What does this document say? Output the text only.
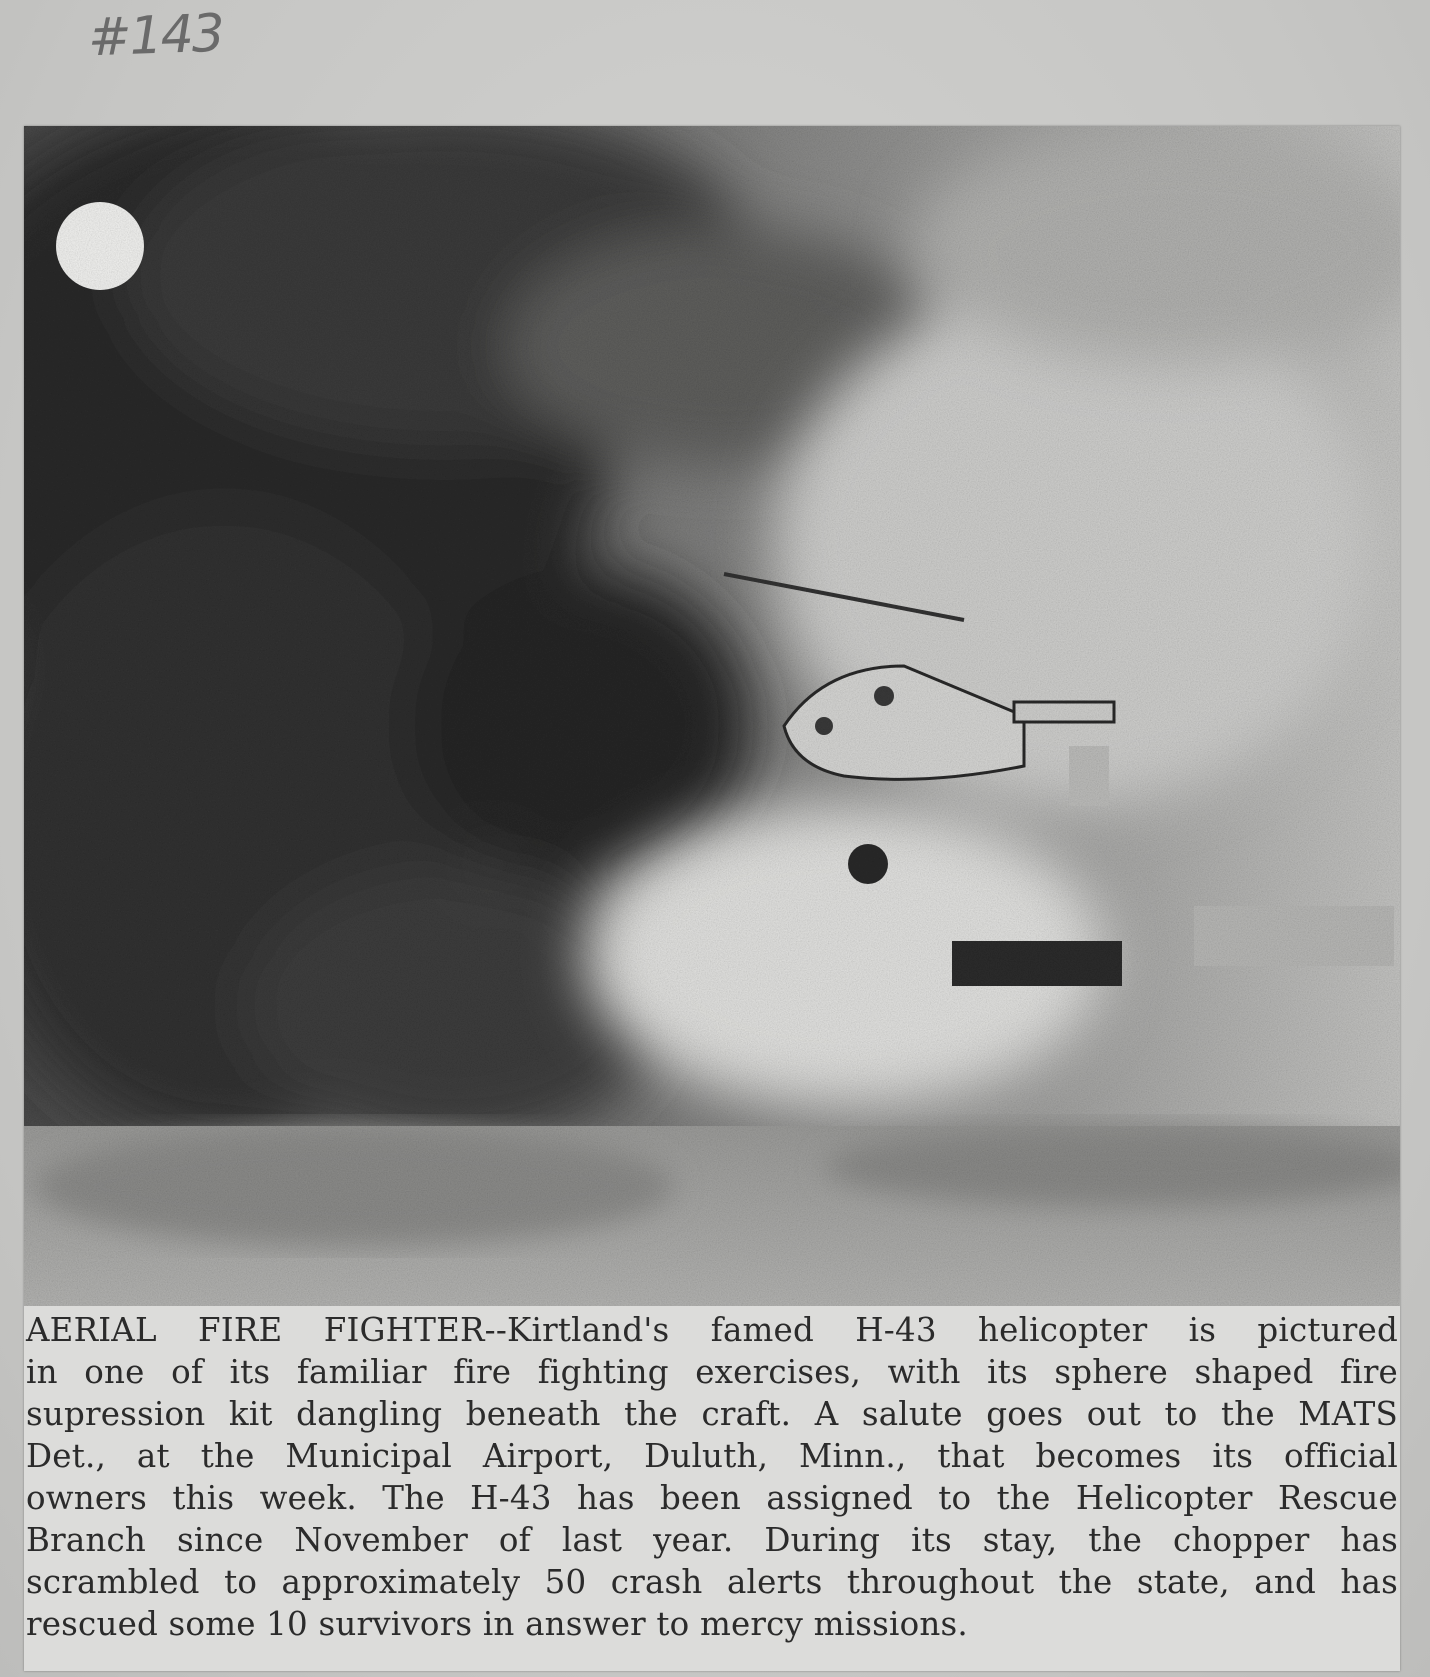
#143
AERIAL FIRE FIGHTER--Kirtland's famed H-43 helicopter is pictured
in one of its familiar fire fighting exercises, with its sphere shaped fire
supression kit dangling beneath the craft. A salute goes out to the MATS
Det., at the Municipal Airport, Duluth, Minn., that becomes its official
owners this week. The H-43 has been assigned to the Helicopter Rescue
Branch since November of last year. During its stay, the chopper has
scrambled to approximately 50 crash alerts throughout the state, and has
rescued some 10 survivors in answer to mercy missions.
